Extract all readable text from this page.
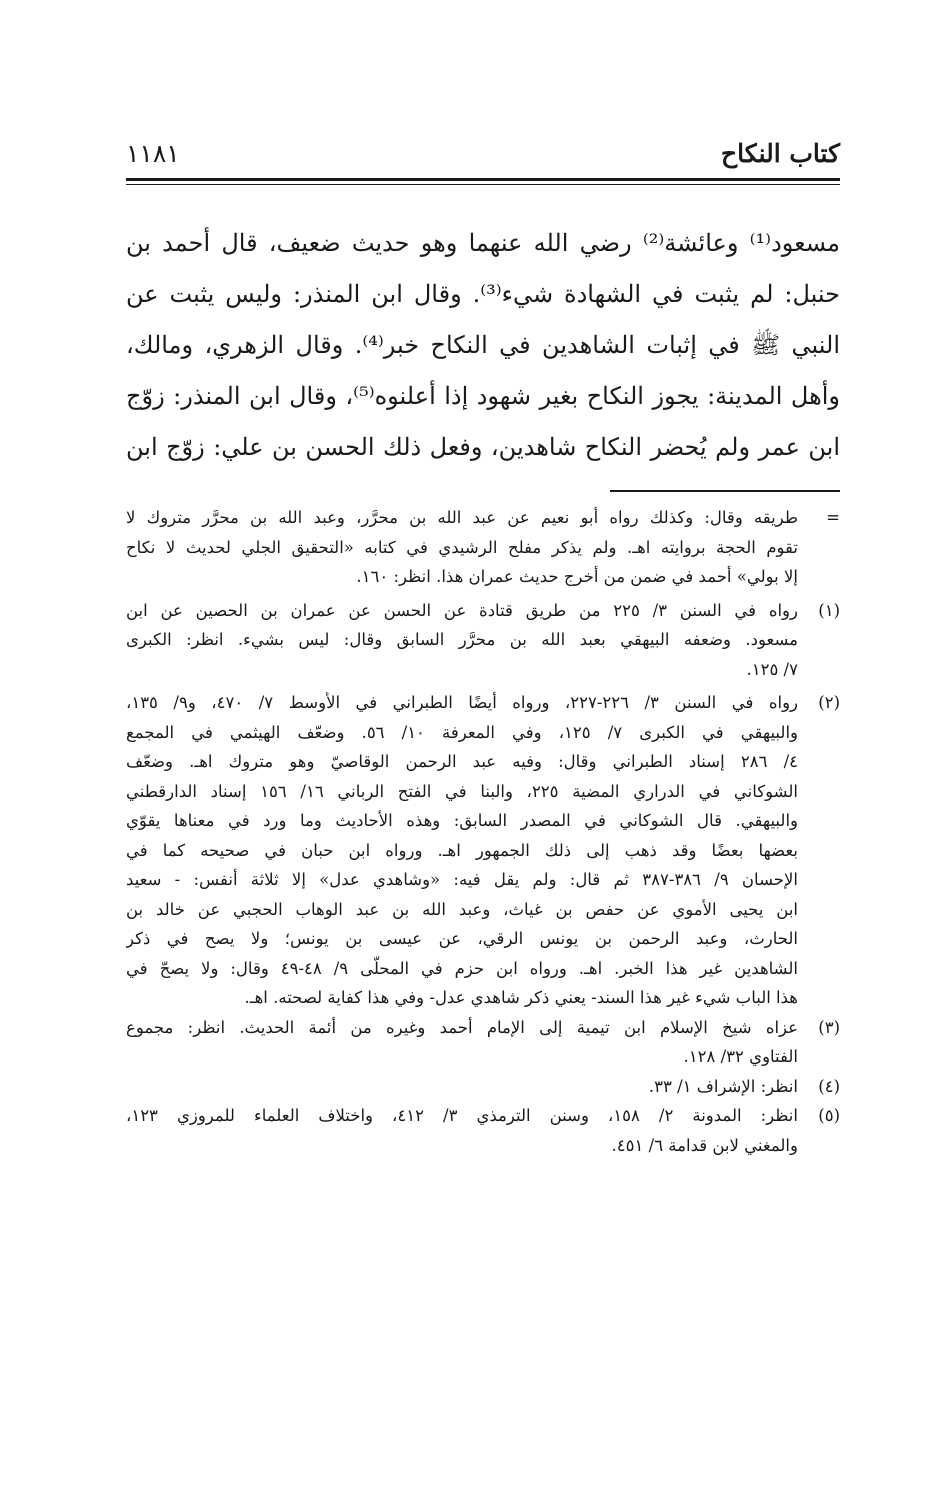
كتاب النكاح
١١٨١
مسعود⁽¹⁾ وعائشة⁽²⁾ رضي الله عنهما وهو حديث ضعيف، قال أحمد بن
حنبل: لم يثبت في الشهادة شيء⁽³⁾. وقال ابن المنذر: وليس يثبت عن
النبي ﷺ في إثبات الشاهدين في النكاح خبر⁽⁴⁾. وقال الزهري، ومالك،
وأهل المدينة: يجوز النكاح بغير شهود إذا أعلنوه⁽⁵⁾، وقال ابن المنذر: زوّج
ابن عمر ولم يُحضر النكاح شاهدين، وفعل ذلك الحسن بن علي: زوّج ابن
=
طريقه وقال: وكذلك رواه أبو نعيم عن عبد الله بن محرَّر، وعبد الله بن محرَّر متروك لا
تقوم الحجة بروايته اهـ. ولم يذكر مفلح الرشيدي في كتابه «التحقيق الجلي لحديث لا نكاح
إلا بولي» أحمد في ضمن من أخرج حديث عمران هذا. انظر: ١٦٠.
(١)
رواه في السنن ٣/ ٢٢٥ من طريق قتادة عن الحسن عن عمران بن الحصين عن ابن
مسعود. وضعفه البيهقي بعبد الله بن محرَّر السابق وقال: ليس بشيء. انظر: الكبرى
٧/ ١٢٥.
(٢)
رواه في السنن ٣/ ٢٢٦-٢٢٧، ورواه أيضًا الطبراني في الأوسط ٧/ ٤٧٠، و٩/ ١٣٥،
والبيهقي في الكبرى ٧/ ١٢٥، وفي المعرفة ١٠/ ٥٦. وضعّف الهيثمي في المجمع
٤/ ٢٨٦ إسناد الطبراني وقال: وفيه عبد الرحمن الوقاصيّ وهو متروك اهـ. وضعّف
الشوكاني في الدراري المضية ٢٢٥، والبنا في الفتح الرباني ١٦/ ١٥٦ إسناد الدارقطني
والبيهقي. قال الشوكاني في المصدر السابق: وهذه الأحاديث وما ورد في معناها يقوّي
بعضها بعضًا وقد ذهب إلى ذلك الجمهور اهـ. ورواه ابن حبان في صحيحه كما في
الإحسان ٩/ ٣٨٦-٣٨٧ ثم قال: ولم يقل فيه: «وشاهدي عدل» إلا ثلاثة أنفس: - سعيد
ابن يحيى الأموي عن حفص بن غياث، وعبد الله بن عبد الوهاب الحجبي عن خالد بن
الحارث، وعبد الرحمن بن يونس الرقي، عن عيسى بن يونس؛ ولا يصح في ذكر
الشاهدين غير هذا الخبر. اهـ. ورواه ابن حزم في المحلّى ٩/ ٤٨-٤٩ وقال: ولا يصحّ في
هذا الباب شيء غير هذا السند- يعني ذكر شاهدي عدل- وفي هذا كفاية لصحته. اهـ.
(٣)
عزاه شيخ الإسلام ابن تيمية إلى الإمام أحمد وغيره من أئمة الحديث. انظر: مجموع
الفتاوي ٣٢/ ١٢٨.
(٤)
انظر: الإشراف ١/ ٣٣.
(٥)
انظر: المدونة ٢/ ١٥٨، وسنن الترمذي ٣/ ٤١٢، واختلاف العلماء للمروزي ١٢٣،
والمغني لابن قدامة ٦/ ٤٥١.
